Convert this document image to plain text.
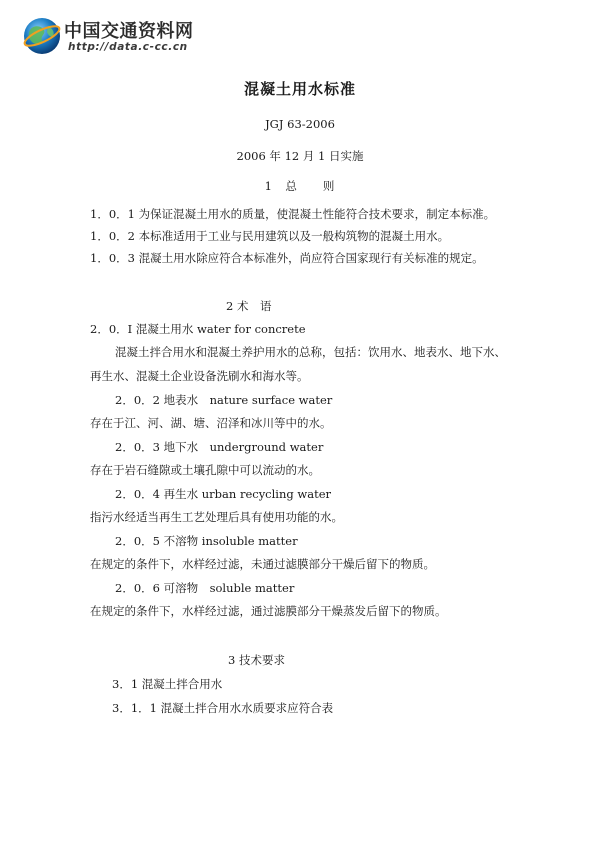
中国交通资料网
http://data.c-cc.cn
混凝土用水标准
JGJ 63-2006
2006 年 12 月 1 日实施
1　总　　则
1．0．1 为保证混凝土用水的质量，使混凝土性能符合技术要求，制定本标准。
1．0．2 本标准适用于工业与民用建筑以及一般构筑物的混凝土用水。
1．0．3 混凝土用水除应符合本标准外，尚应符合国家现行有关标准的规定。
2 术　语
2．0．I 混凝土用水 water for concrete
混凝土拌合用水和混凝土养护用水的总称，包括：饮用水、地表水、地下水、
再生水、混凝土企业设备洗刷水和海水等。
2．0．2 地表水　nature surface water
存在于江、河、湖、塘、沼泽和冰川等中的水。
2．0．3 地下水　underground water
存在于岩石缝隙或土壤孔隙中可以流动的水。
2．0．4 再生水 urban recycling water
指污水经适当再生工艺处理后具有使用功能的水。
2．0．5 不溶物 insoluble matter
在规定的条件下，水样经过滤，未通过滤膜部分干燥后留下的物质。
2．0．6 可溶物　soluble matter
在规定的条件下，水样经过滤，通过滤膜部分干燥蒸发后留下的物质。
3 技术要求
3．1 混凝土拌合用水
3．1．1 混凝土拌合用水水质要求应符合表
